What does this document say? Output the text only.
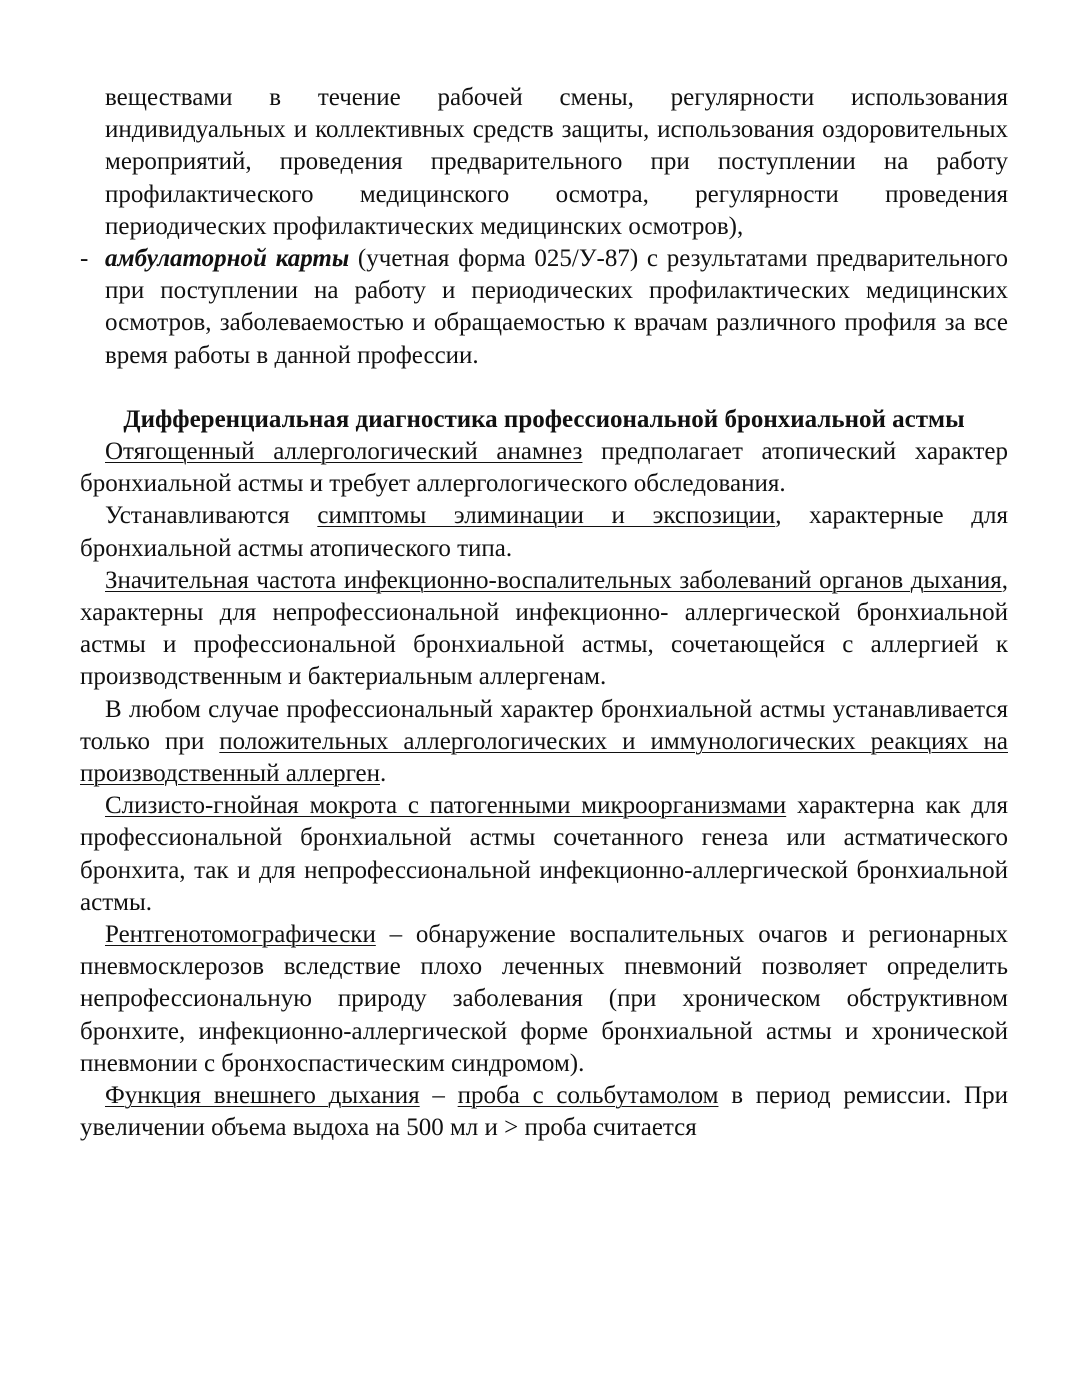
веществами в течение рабочей смены, регулярности использования индивидуальных и коллективных средств защиты, использования оздоровительных мероприятий, проведения предварительного при поступлении на работу профилактического медицинского осмотра, регулярности проведения периодических профилактических медицинских осмотров),
- амбулаторной карты (учетная форма 025/У-87) с результатами предварительного при поступлении на работу и периодических профилактических медицинских осмотров, заболеваемостью и обращаемостью к врачам различного профиля за все время работы в данной профессии.

Дифференциальная диагностика профессиональной бронхиальной астмы

Отягощенный аллергологический анамнез предполагает атопический характер бронхиальной астмы и требует аллергологического обследования.

Устанавливаются симптомы элиминации и экспозиции, характерные для бронхиальной астмы атопического типа.

Значительная частота инфекционно-воспалительных заболеваний органов дыхания, характерны для непрофессиональной инфекционно- аллергической бронхиальной астмы и профессиональной бронхиальной астмы, сочетающейся с аллергией к производственным и бактериальным аллергенам.

В любом случае профессиональный характер бронхиальной астмы устанавливается только при положительных аллергологических и иммунологических реакциях на производственный аллерген.

Слизисто-гнойная мокрота с патогенными микроорганизмами характерна как для профессиональной бронхиальной астмы сочетанного генеза или астматического бронхита, так и для непрофессиональной инфекционно-аллергической бронхиальной астмы.

Рентгенотомографически – обнаружение воспалительных очагов и регионарных пневмосклерозов вследствие плохо леченных пневмоний позволяет определить непрофессиональную природу заболевания (при хроническом обструктивном бронхите, инфекционно-аллергической форме бронхиальной астмы и хронической пневмонии с бронхоспастическим синдромом).

Функция внешнего дыхания – проба с сольбутамолом в период ремиссии. При увеличении объема выдоха на 500 мл и > проба считается
